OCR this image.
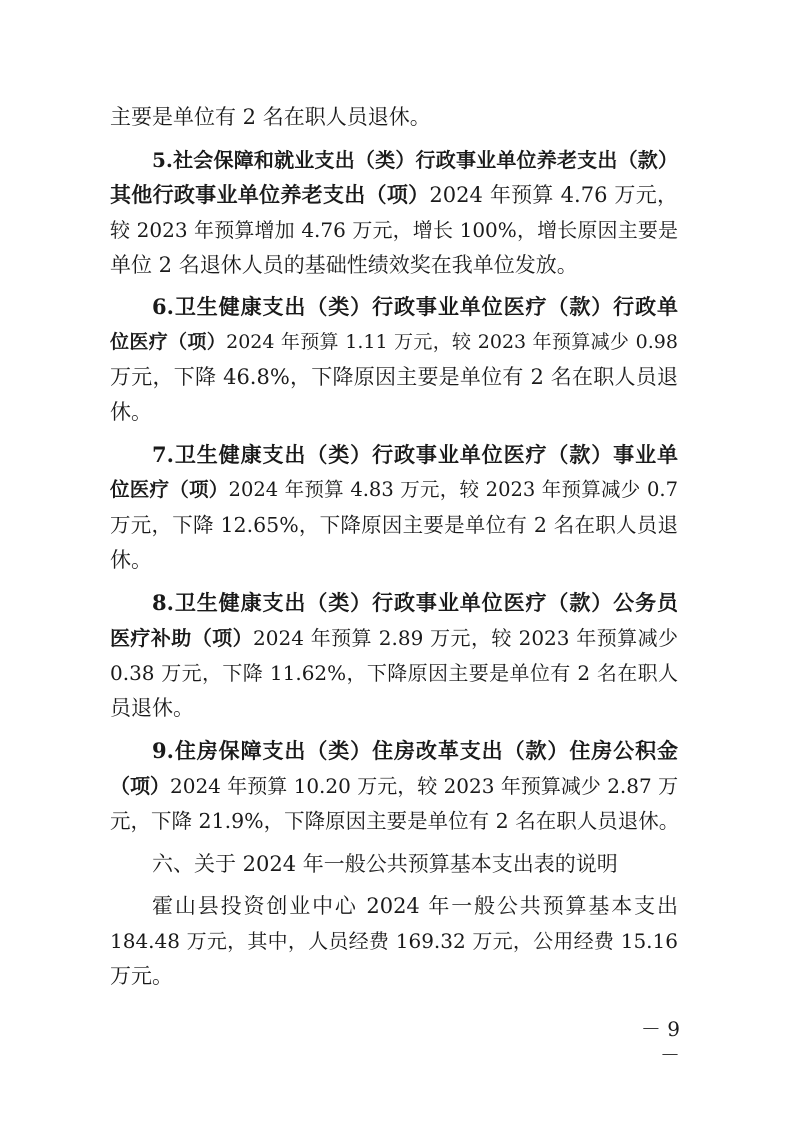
主要是单位有 2 名在职人员退休。
5.社会保障和就业支出（类）行政事业单位养老支出（款）
其他行政事业单位养老支出（项）2024 年预算 4.76 万元，
较 2023 年预算增加 4.76 万元，增长 100%，增长原因主要是
单位 2 名退休人员的基础性绩效奖在我单位发放。
6.卫生健康支出（类）行政事业单位医疗（款）行政单
位医疗（项）2024 年预算 1.11 万元，较 2023 年预算减少 0.98
万元，下降 46.8%，下降原因主要是单位有 2 名在职人员退
休。
7.卫生健康支出（类）行政事业单位医疗（款）事业单
位医疗（项）2024 年预算 4.83 万元，较 2023 年预算减少 0.7
万元，下降 12.65%，下降原因主要是单位有 2 名在职人员退
休。
8.卫生健康支出（类）行政事业单位医疗（款）公务员
医疗补助（项）2024 年预算 2.89 万元，较 2023 年预算减少
0.38 万元，下降 11.62%，下降原因主要是单位有 2 名在职人
员退休。
9.住房保障支出（类）住房改革支出（款）住房公积金
（项）2024 年预算 10.20 万元，较 2023 年预算减少 2.87 万
元，下降 21.9%，下降原因主要是单位有 2 名在职人员退休。
六、关于 2024 年一般公共预算基本支出表的说明
霍山县投资创业中心 2024 年一般公共预算基本支出
184.48 万元，其中，人员经费 169.32 万元，公用经费 15.16
万元。
－ 9 －
